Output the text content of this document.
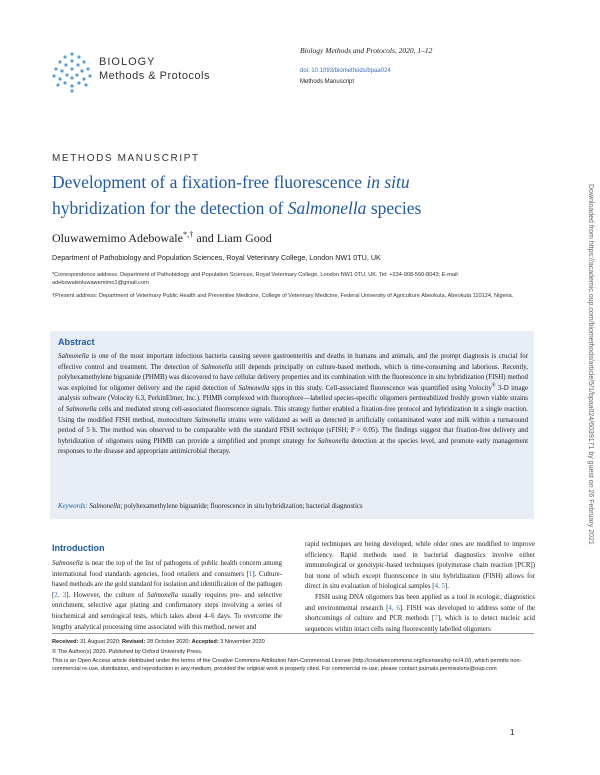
BIOLOGY
Methods & Protocols
Biology Methods and Protocols, 2020, 1–12
doi: 10.1093/biomethods/bpaa024
Methods Manuscript
METHODS MANUSCRIPT
Development of a fixation-free fluorescence in situ
hybridization for the detection of Salmonella species
Oluwawemimo Adebowale*,† and Liam Good
Department of Pathobiology and Population Sciences, Royal Veterinary College, London NW1 0TU, UK
*Correspondence address. Department of Pathobiology and Population Sciences, Royal Veterinary College, London NW1 0TU, UK. Tel: +234-908-560-8043; E-mail: adebowaleoluwawemimo1@gmail.com
†Present address: Department of Veterinary Public Health and Preventive Medicine, College of Veterinary Medicine, Federal University of Agriculture Abeokuta, Abeokuta 110124, Nigeria.
Abstract
Salmonella is one of the most important infectious bacteria causing severe gastroenteritis and deaths in humans and animals, and the prompt diagnosis is crucial for effective control and treatment. The detection of Salmonella still depends principally on culture-based methods, which is time-consuming and laborious. Recently, polyhexamethylene biguanide (PHMB) was discovered to have cellular delivery properties and its combination with the fluorescence in situ hybridization (FISH) method was exploited for oligomer delivery and the rapid detection of Salmonella spps in this study. Cell-associated fluorescence was quantified using Volocity® 3-D image analysis software (Volocity 6.3, PerkinElmer, Inc.). PHMB complexed with fluorophore—labelled species-specific oligomers permeabilized freshly grown viable strains of Salmonella cells and mediated strong cell-associated fluorescence signals. This strategy further enabled a fixation-free protocol and hybridization in a single reaction. Using the modified FISH method, monoculture Salmonella strains were validated as well as detected in artificially contaminated water and milk within a turnaround period of 5 h. The method was observed to be comparable with the standard FISH technique (sFISH; P > 0.05). The findings suggest that fixation-free delivery and hybridization of oligomers using PHMB can provide a simplified and prompt strategy for Salmonella detection at the species level, and promote early management responses to the disease and appropriate antimicrobial therapy.
Keywords: Salmonella; polyhexamethylene biguanide; fluorescence in situ hybridization; bacterial diagnostics
Introduction
Salmonella is near the top of the list of pathogens of public health concern among international food standards agencies, food retailers and consumers [1]. Culture-based methods are the gold standard for isolation and identification of the pathogen [2, 3]. However, the culture of Salmonella usually requires pre- and selective enrichment, selective agar plating and confirmatory steps involving a series of biochemical and serological tests, which takes about 4–6 days. To overcome the lengthy analytical processing time associated with this method, newer and
rapid techniques are being developed, while older ones are modified to improve efficiency. Rapid methods used in bacterial diagnostics involve either immunological or genotypic-based techniques (polymerase chain reaction [PCR]) but none of which except fluorescence in situ hybridization (FISH) allows for direct in situ evaluation of biological samples [4, 5].
FISH using DNA oligomers has been applied as a tool in ecologic, diagnostics and environmental research [4, 6]. FISH was developed to address some of the shortcomings of culture and PCR methods [7], which is to detect nucleic acid sequences within intact cells using fluorescently labelled oligomers
Received: 31 August 2020; Revised: 28 October 2020; Accepted: 3 November 2020
© The Author(s) 2020. Published by Oxford University Press.
This is an Open Access article distributed under the terms of the Creative Commons Attribution Non-Commercial License (http://creativecommons.org/licenses/by-nc/4.0/), which permits non-commercial re-use, distribution, and reproduction in any medium, provided the original work is properly cited. For commercial re-use, please contact journals.permissions@oup.com
1
Downloaded from https://academic.oup.com/biomethods/article/5/1/bpaa024/6039171 by guest on 26 February 2021
